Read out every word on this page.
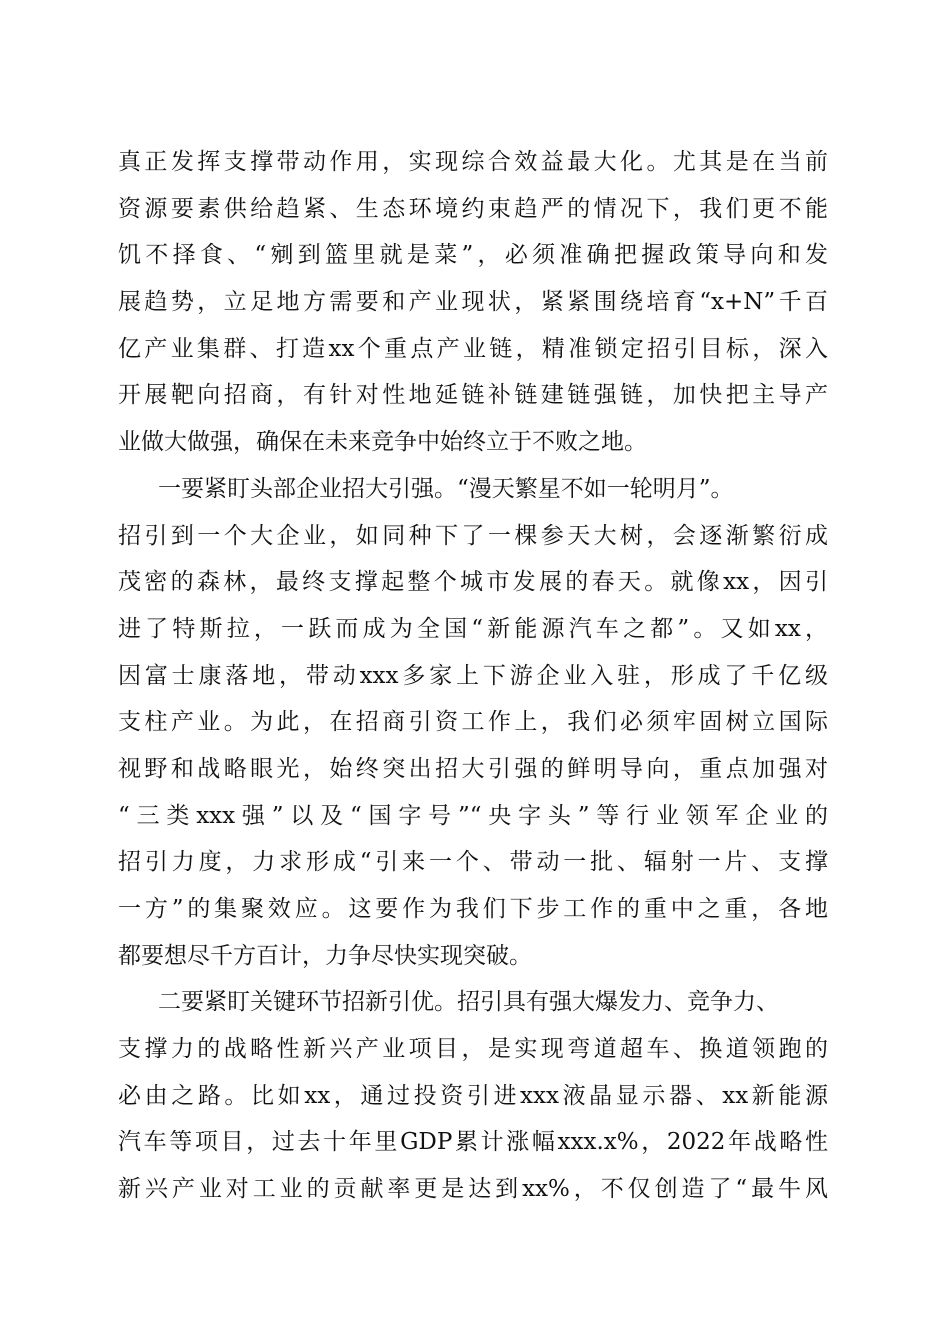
真正发挥支撑带动作用，实现综合效益最大化。尤其是在当前
资源要素供给趋紧、生态环境约束趋严的情况下，我们更不能
饥不择食、“剜到篮里就是菜”，必须准确把握政策导向和发
展趋势，立足地方需要和产业现状，紧紧围绕培育“x+N”千百
亿产业集群、打造xx个重点产业链，精准锁定招引目标，深入
开展靶向招商，有针对性地延链补链建链强链，加快把主导产
业做大做强，确保在未来竞争中始终立于不败之地。
一要紧盯头部企业招大引强。“漫天繁星不如一轮明月”。
招引到一个大企业，如同种下了一棵参天大树，会逐渐繁衍成
茂密的森林，最终支撑起整个城市发展的春天。就像xx，因引
进了特斯拉，一跃而成为全国“新能源汽车之都”。又如xx，
因富士康落地，带动xxx多家上下游企业入驻，形成了千亿级
支柱产业。为此，在招商引资工作上，我们必须牢固树立国际
视野和战略眼光，始终突出招大引强的鲜明导向，重点加强对
“三类xxx强”以及“国字号”“央字头”等行业领军企业的
招引力度，力求形成“引来一个、带动一批、辐射一片、支撑
一方”的集聚效应。这要作为我们下步工作的重中之重，各地
都要想尽千方百计，力争尽快实现突破。
二要紧盯关键环节招新引优。招引具有强大爆发力、竞争力、
支撑力的战略性新兴产业项目，是实现弯道超车、换道领跑的
必由之路。比如xx，通过投资引进xxx液晶显示器、xx新能源
汽车等项目，过去十年里GDP累计涨幅xxx.x%，2022年战略性
新兴产业对工业的贡献率更是达到xx%，不仅创造了“最牛风
